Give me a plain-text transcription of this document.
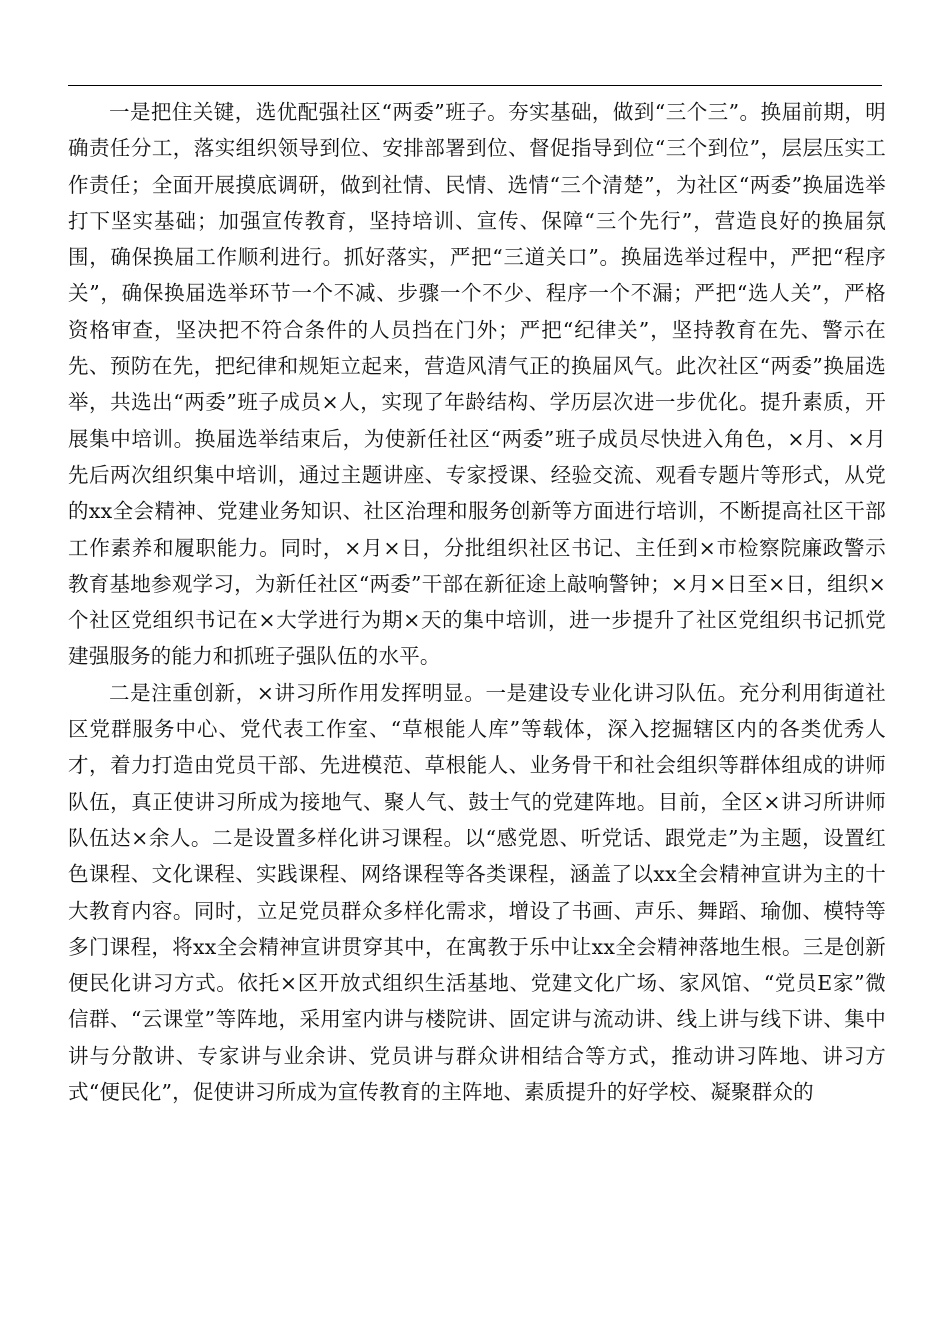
一是把住关键，选优配强社区“两委”班子。夯实基础，做到“三个三”。换届前期，明确责任分工，落实组织领导到位、安排部署到位、督促指导到位“三个到位”，层层压实工作责任；全面开展摸底调研，做到社情、民情、选情“三个清楚”，为社区“两委”换届选举打下坚实基础；加强宣传教育，坚持培训、宣传、保障“三个先行”，营造良好的换届氛围，确保换届工作顺利进行。抓好落实，严把“三道关口”。换届选举过程中，严把“程序关”，确保换届选举环节一个不减、步骤一个不少、程序一个不漏；严把“选人关”，严格资格审查，坚决把不符合条件的人员挡在门外；严把“纪律关”，坚持教育在先、警示在先、预防在先，把纪律和规矩立起来，营造风清气正的换届风气。此次社区“两委”换届选举，共选出“两委”班子成员×人，实现了年龄结构、学历层次进一步优化。提升素质，开展集中培训。换届选举结束后，为使新任社区“两委”班子成员尽快进入角色，×月、×月先后两次组织集中培训，通过主题讲座、专家授课、经验交流、观看专题片等形式，从党的xx全会精神、党建业务知识、社区治理和服务创新等方面进行培训，不断提高社区干部工作素养和履职能力。同时，×月×日，分批组织社区书记、主任到×市检察院廉政警示教育基地参观学习，为新任社区“两委”干部在新征途上敲响警钟；×月×日至×日，组织×个社区党组织书记在×大学进行为期×天的集中培训，进一步提升了社区党组织书记抓党建强服务的能力和抓班子强队伍的水平。

二是注重创新，×讲习所作用发挥明显。一是建设专业化讲习队伍。充分利用街道社区党群服务中心、党代表工作室、“草根能人库”等载体，深入挖掘辖区内的各类优秀人才，着力打造由党员干部、先进模范、草根能人、业务骨干和社会组织等群体组成的讲师队伍，真正使讲习所成为接地气、聚人气、鼓士气的党建阵地。目前，全区×讲习所讲师队伍达×余人。二是设置多样化讲习课程。以“感党恩、听党话、跟党走”为主题，设置红色课程、文化课程、实践课程、网络课程等各类课程，涵盖了以xx全会精神宣讲为主的十大教育内容。同时，立足党员群众多样化需求，增设了书画、声乐、舞蹈、瑜伽、模特等多门课程，将xx全会精神宣讲贯穿其中，在寓教于乐中让xx全会精神落地生根。三是创新便民化讲习方式。依托×区开放式组织生活基地、党建文化广场、家风馆、“党员E家”微信群、“云课堂”等阵地，采用室内讲与楼院讲、固定讲与流动讲、线上讲与线下讲、集中讲与分散讲、专家讲与业余讲、党员讲与群众讲相结合等方式，推动讲习阵地、讲习方式“便民化”，促使讲习所成为宣传教育的主阵地、素质提升的好学校、凝聚群众的
